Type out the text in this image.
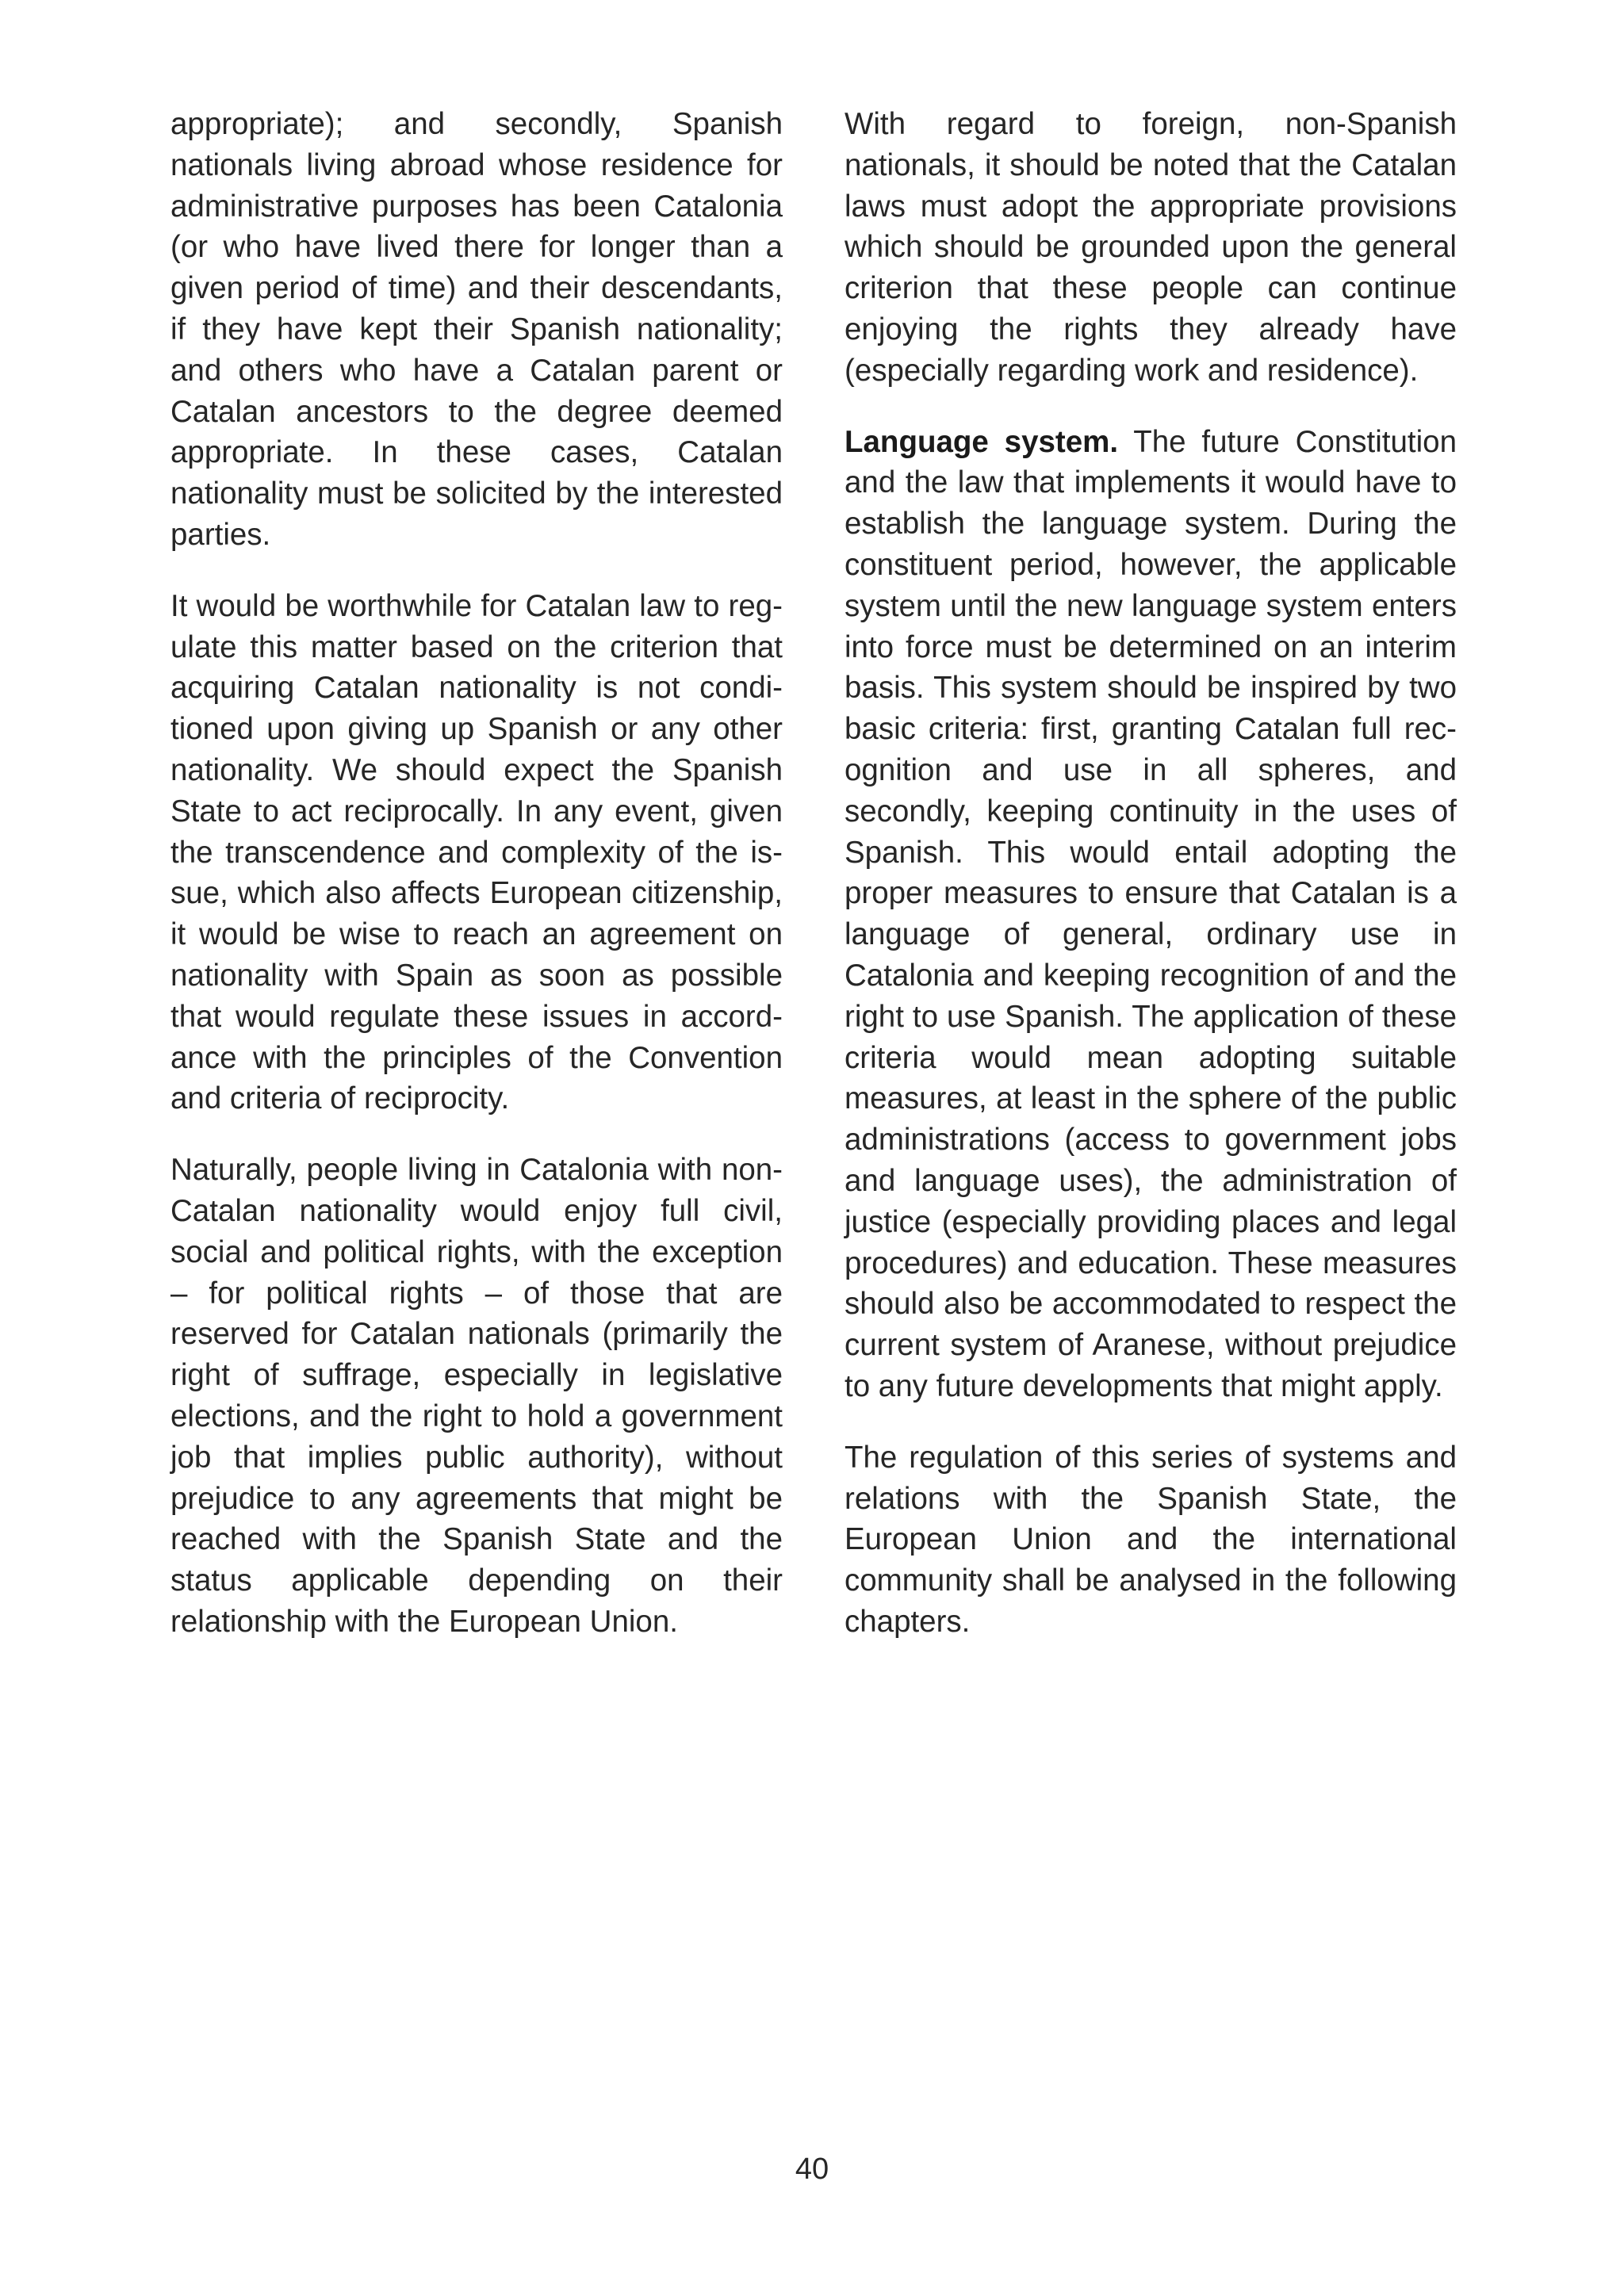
appropriate); and secondly, Spanish nationals living abroad whose residence for administrative purposes has been Catalonia (or who have lived there for longer than a given period of time) and their descendants, if they have kept their Spanish nationality; and others who have a Catalan parent or Catalan ancestors to the degree deemed appropriate. In these cases, Catalan nationality must be solicited by the interested parties.

It would be worthwhile for Catalan law to regulate this matter based on the criterion that acquiring Catalan nationality is not conditioned upon giving up Spanish or any other nationality. We should expect the Spanish State to act reciprocally. In any event, given the transcendence and complexity of the issue, which also affects European citizenship, it would be wise to reach an agreement on nationality with Spain as soon as possible that would regulate these issues in accordance with the principles of the Convention and criteria of reciprocity.

Naturally, people living in Catalonia with non-Catalan nationality would enjoy full civil, social and political rights, with the exception – for political rights – of those that are reserved for Catalan nationals (primarily the right of suffrage, especially in legislative elections, and the right to hold a government job that implies public authority), without prejudice to any agreements that might be reached with the Spanish State and the status applicable depending on their relationship with the European Union.

With regard to foreign, non-Spanish nationals, it should be noted that the Catalan laws must adopt the appropriate provisions which should be grounded upon the general criterion that these people can continue enjoying the rights they already have (especially regarding work and residence).

Language system. The future Constitution and the law that implements it would have to establish the language system. During the constituent period, however, the applicable system until the new language system enters into force must be determined on an interim basis. This system should be inspired by two basic criteria: first, granting Catalan full recognition and use in all spheres, and secondly, keeping continuity in the uses of Spanish. This would entail adopting the proper measures to ensure that Catalan is a language of general, ordinary use in Catalonia and keeping recognition of and the right to use Spanish. The application of these criteria would mean adopting suitable measures, at least in the sphere of the public administrations (access to government jobs and language uses), the administration of justice (especially providing places and legal procedures) and education. These measures should also be accommodated to respect the current system of Aranese, without prejudice to any future developments that might apply.

The regulation of this series of systems and relations with the Spanish State, the European Union and the international community shall be analysed in the following chapters.

40
